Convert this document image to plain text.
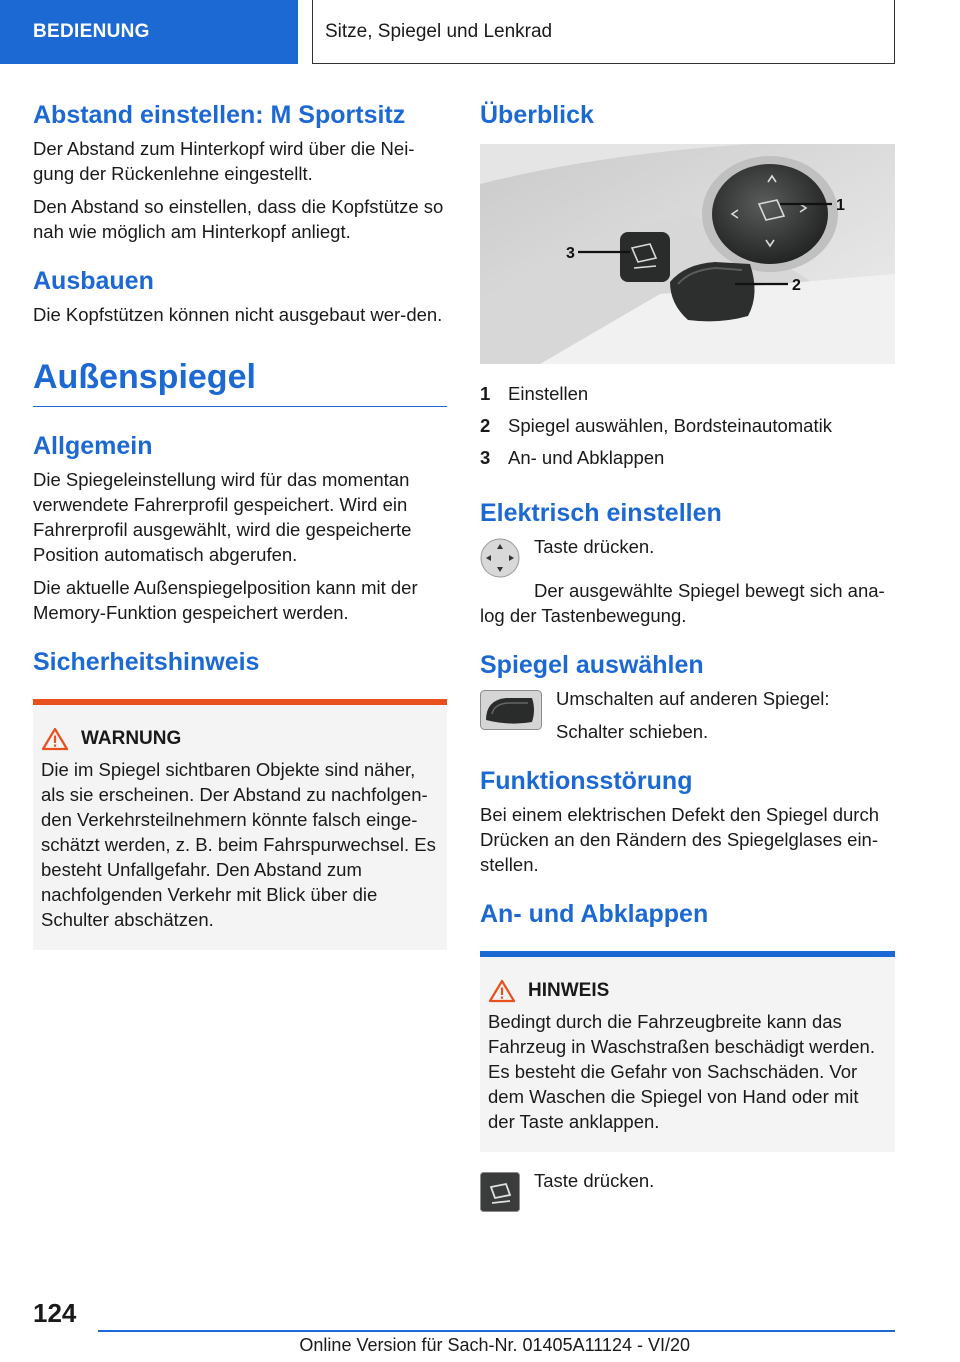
BEDIENUNG	Sitze, Spiegel und Lenkrad
Abstand einstellen: M Sportsitz

Der Abstand zum Hinterkopf wird über die Nei-gung der Rückenlehne eingestellt.

Den Abstand so einstellen, dass die Kopfstütze so nah wie möglich am Hinterkopf anliegt.

Ausbauen

Die Kopfstützen können nicht ausgebaut wer-den.

Außenspiegel
Allgemein

Die Spiegeleinstellung wird für das momentan verwendete Fahrerprofil gespeichert. Wird ein Fahrerprofil ausgewählt, wird die gespeicherte Position automatisch abgerufen.

Die aktuelle Außenspiegelposition kann mit der Memory-Funktion gespeichert werden.

Sicherheitshinweis
WARNUNG

Die im Spiegel sichtbaren Objekte sind näher, als sie erscheinen. Der Abstand zu nachfolgen-den Verkehrsteilnehmern könnte falsch einge-schätzt werden, z. B. beim Fahrspurwechsel. Es besteht Unfallgefahr. Den Abstand zum nachfolgenden Verkehr mit Blick über die Schulter abschätzen.

Überblick
1
2
3
1 Einstellen
2 Spiegel auswählen, Bordsteinautomatik
3 An- und Abklappen
Elektrisch einstellen

Taste drücken.

Der ausgewählte Spiegel bewegt sich ana-log der Tastenbewegung.

Spiegel auswählen

Umschalten auf anderen Spiegel:

Schalter schieben.

Funktionsstörung

Bei einem elektrischen Defekt den Spiegel durch Drücken an den Rändern des Spiegelglases ein-stellen.

An- und Abklappen
HINWEIS

Bedingt durch die Fahrzeugbreite kann das Fahrzeug in Waschstraßen beschädigt werden. Es besteht die Gefahr von Sachschäden. Vor dem Waschen die Spiegel von Hand oder mit der Taste anklappen.

Taste drücken.

124
Online Version für Sach-Nr. 01405A11124 - VI/20
